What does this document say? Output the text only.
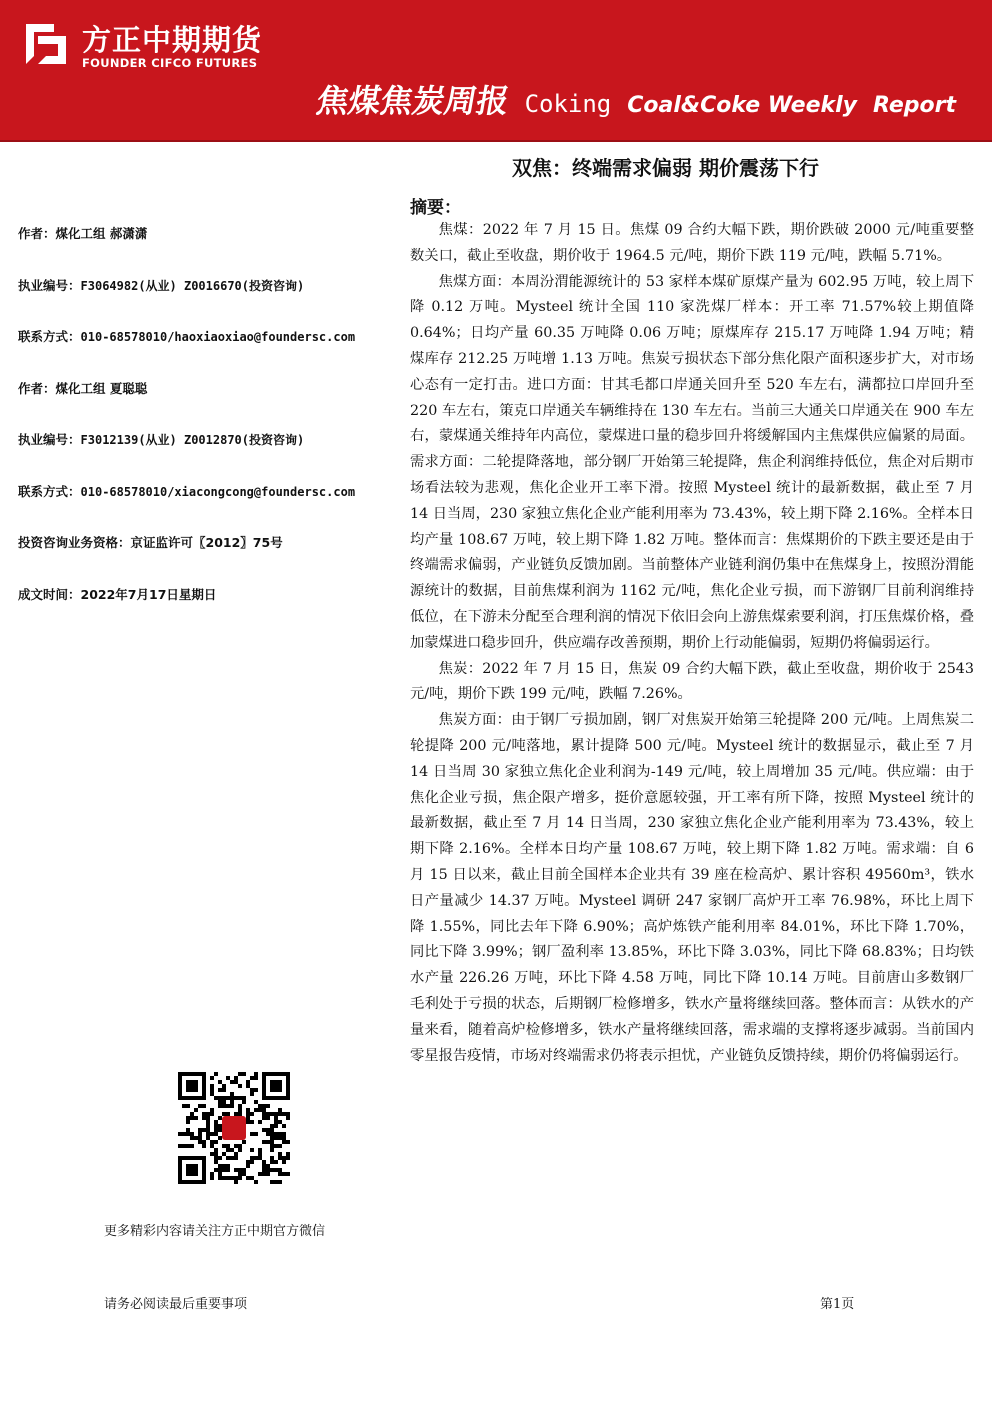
方正中期期货
FOUNDER CIFCO FUTURES
焦煤焦炭周报 Coking Coal&Coke Weekly Report
双焦：终端需求偏弱 期价震荡下行
作者：煤化工组 郝潇潇
执业编号：F3064982(从业) Z0016670(投资咨询)
联系方式：010-68578010/haoxiaoxiao@foundersc.com
作者：煤化工组 夏聪聪
执业编号：F3012139(从业) Z0012870(投资咨询)
联系方式：010-68578010/xiacongcong@foundersc.com
投资咨询业务资格：京证监许可〖2012〗75号
成文时间：2022年7月17日星期日
更多精彩内容请关注方正中期官方微信
摘要：

焦煤：2022 年 7 月 15 日。焦煤 09 合约大幅下跌，期价跌破 2000 元/吨重要整数关口，截止至收盘，期价收于 1964.5 元/吨，期价下跌 119 元/吨，跌幅 5.71%。

焦煤方面：本周汾渭能源统计的 53 家样本煤矿原煤产量为 602.95 万吨，较上周下降 0.12 万吨。Mysteel 统计全国 110 家洗煤厂样本：开工率 71.57%较上期值降 0.64%；日均产量 60.35 万吨降 0.06 万吨；原煤库存 215.17 万吨降 1.94 万吨；精煤库存 212.25 万吨增 1.13 万吨。焦炭亏损状态下部分焦化限产面积逐步扩大，对市场心态有一定打击。进口方面：甘其毛都口岸通关回升至 520 车左右，满都拉口岸回升至 220 车左右，策克口岸通关车辆维持在 130 车左右。当前三大通关口岸通关在 900 车左右，蒙煤通关维持年内高位，蒙煤进口量的稳步回升将缓解国内主焦煤供应偏紧的局面。需求方面：二轮提降落地，部分钢厂开始第三轮提降，焦企利润维持低位，焦企对后期市场看法较为悲观，焦化企业开工率下滑。按照 Mysteel 统计的最新数据，截止至 7 月 14 日当周，230 家独立焦化企业产能利用率为 73.43%，较上期下降 2.16%。全样本日均产量 108.67 万吨，较上期下降 1.82 万吨。整体而言：焦煤期价的下跌主要还是由于终端需求偏弱，产业链负反馈加剧。当前整体产业链利润仍集中在焦煤身上，按照汾渭能源统计的数据，目前焦煤利润为 1162 元/吨，焦化企业亏损，而下游钢厂目前利润维持低位，在下游未分配至合理利润的情况下依旧会向上游焦煤索要利润，打压焦煤价格，叠加蒙煤进口稳步回升，供应端存改善预期，期价上行动能偏弱，短期仍将偏弱运行。

焦炭：2022 年 7 月 15 日，焦炭 09 合约大幅下跌，截止至收盘，期价收于 2543 元/吨，期价下跌 199 元/吨，跌幅 7.26%。

焦炭方面：由于钢厂亏损加剧，钢厂对焦炭开始第三轮提降 200 元/吨。上周焦炭二轮提降 200 元/吨落地，累计提降 500 元/吨。Mysteel 统计的数据显示，截止至 7 月 14 日当周 30 家独立焦化企业利润为-149 元/吨，较上周增加 35 元/吨。供应端：由于焦化企业亏损，焦企限产增多，挺价意愿较强，开工率有所下降，按照 Mysteel 统计的最新数据，截止至 7 月 14 日当周，230 家独立焦化企业产能利用率为 73.43%，较上期下降 2.16%。全样本日均产量 108.67 万吨，较上期下降 1.82 万吨。需求端：自 6 月 15 日以来，截止目前全国样本企业共有 39 座在检高炉、累计容积 49560m³，铁水日产量减少 14.37 万吨。Mysteel 调研 247 家钢厂高炉开工率 76.98%，环比上周下降 1.55%，同比去年下降 6.90%；高炉炼铁产能利用率 84.01%，环比下降 1.70%，同比下降 3.99%；钢厂盈利率 13.85%，环比下降 3.03%，同比下降 68.83%；日均铁水产量 226.26 万吨，环比下降 4.58 万吨，同比下降 10.14 万吨。目前唐山多数钢厂毛利处于亏损的状态，后期钢厂检修增多，铁水产量将继续回落。整体而言：从铁水的产量来看，随着高炉检修增多，铁水产量将继续回落，需求端的支撑将逐步减弱。当前国内零星报告疫情，市场对终端需求仍将表示担忧，产业链负反馈持续，期价仍将偏弱运行。

请务必阅读最后重要事项	第1页
